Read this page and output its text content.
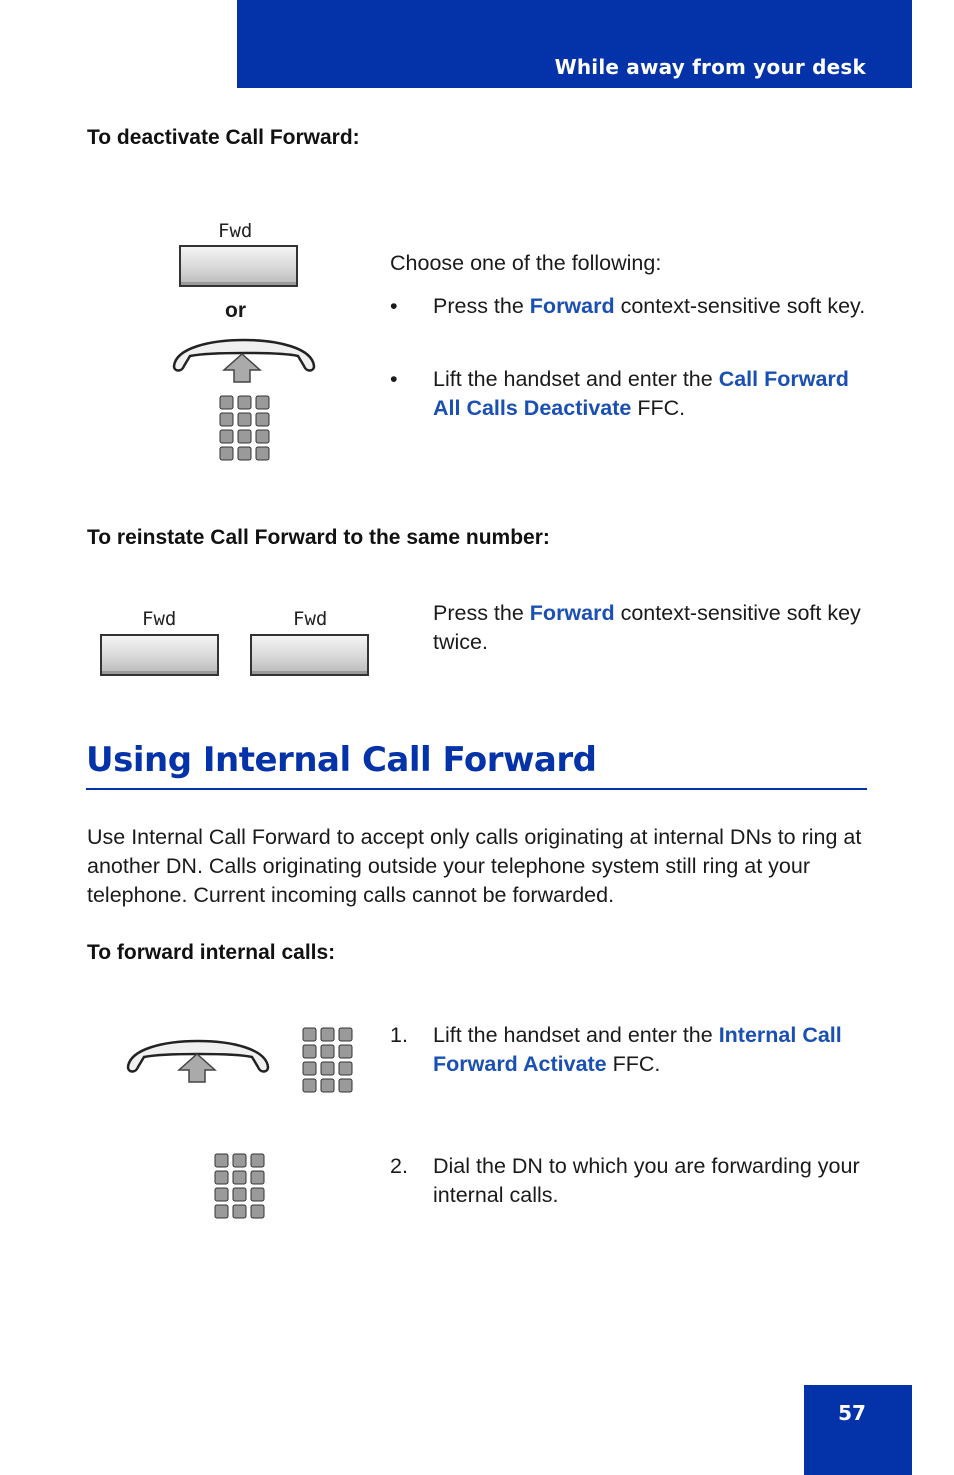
While away from your desk
To deactivate Call Forward:
Fwd
or
Choose one of the following:
• Press the Forward context-sensitive soft key.
• Lift the handset and enter the Call Forward All Calls Deactivate FFC.
To reinstate Call Forward to the same number:
Fwd	Fwd	Press the Forward context-sensitive soft key twice.
Using Internal Call Forward
Use Internal Call Forward to accept only calls originating at internal DNs to ring at another DN. Calls originating outside your telephone system still ring at your telephone. Current incoming calls cannot be forwarded.
To forward internal calls:
1. Lift the handset and enter the Internal Call Forward Activate FFC.
2. Dial the DN to which you are forwarding your internal calls.
57
